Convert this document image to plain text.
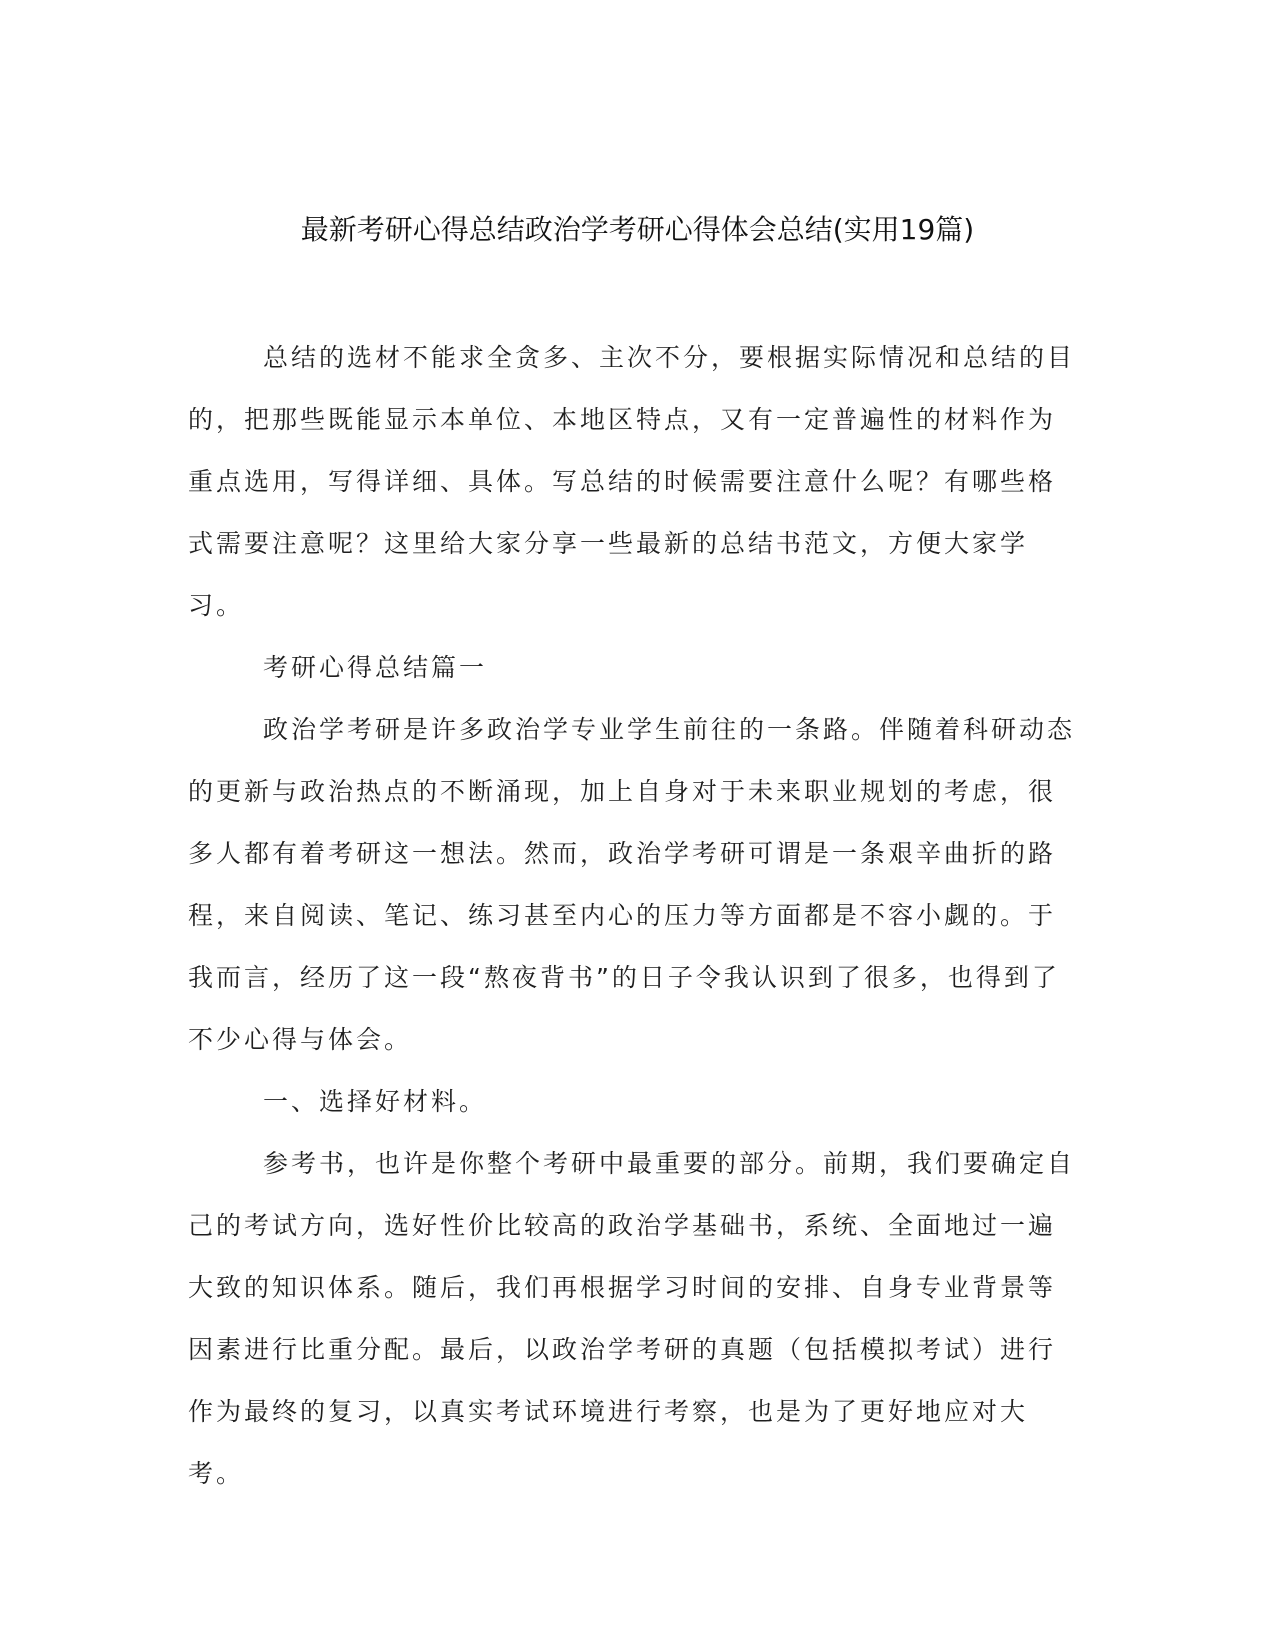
最新考研心得总结政治学考研心得体会总结(实用19篇)

总结的选材不能求全贪多、主次不分，要根据实际情况和总结的目的，把那些既能显示本单位、本地区特点，又有一定普遍性的材料作为重点选用，写得详细、具体。写总结的时候需要注意什么呢？有哪些格式需要注意呢？这里给大家分享一些最新的总结书范文，方便大家学习。

考研心得总结篇一

政治学考研是许多政治学专业学生前往的一条路。伴随着科研动态的更新与政治热点的不断涌现，加上自身对于未来职业规划的考虑，很多人都有着考研这一想法。然而，政治学考研可谓是一条艰辛曲折的路程，来自阅读、笔记、练习甚至内心的压力等方面都是不容小觑的。于我而言，经历了这一段“熬夜背书”的日子令我认识到了很多，也得到了不少心得与体会。

一、选择好材料。

参考书，也许是你整个考研中最重要的部分。前期，我们要确定自己的考试方向，选好性价比较高的政治学基础书，系统、全面地过一遍大致的知识体系。随后，我们再根据学习时间的安排、自身专业背景等因素进行比重分配。最后，以政治学考研的真题（包括模拟考试）进行作为最终的复习，以真实考试环境进行考察，也是为了更好地应对大考。
